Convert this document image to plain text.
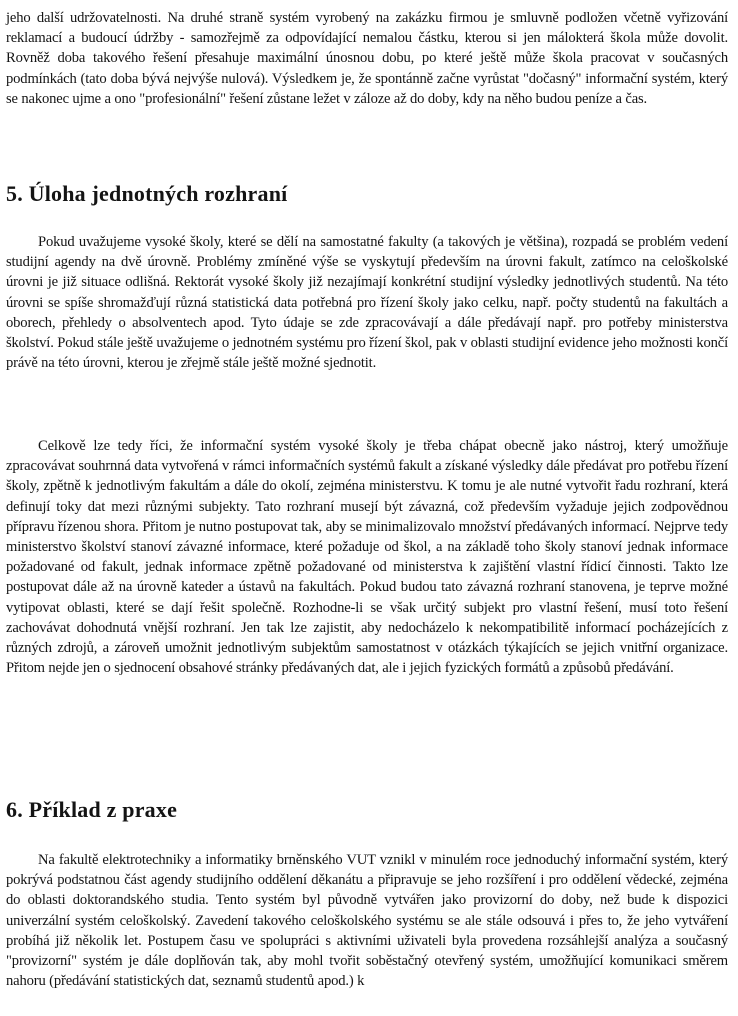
jeho další udržovatelnosti. Na druhé straně systém vyrobený na zakázku firmou je smluvně podložen včetně vyřizování reklamací a budoucí údržby - samozřejmě za odpovídající nemalou částku, kterou si jen málokterá škola může dovolit. Rovněž doba takového řešení přesahuje maximální únosnou dobu, po které ještě může škola pracovat v současných podmínkách (tato doba bývá nejvýše nulová). Výsledkem je, že spontánně začne vyrůstat "dočasný" informační systém, který se nakonec ujme a ono "profesionální" řešení zůstane ležet v záloze až do doby, kdy na něho budou peníze a čas.

5. Úloha jednotných rozhraní

Pokud uvažujeme vysoké školy, které se dělí na samostatné fakulty (a takových je většina), rozpadá se problém vedení studijní agendy na dvě úrovně. Problémy zmíněné výše se vyskytují především na úrovni fakult, zatímco na celoškolské úrovni je již situace odlišná. Rektorát vysoké školy již nezajímají konkrétní studijní výsledky jednotlivých studentů. Na této úrovni se spíše shromažďují různá statistická data potřebná pro řízení školy jako celku, např. počty studentů na fakultách a oborech, přehledy o absolventech apod. Tyto údaje se zde zpracovávají a dále předávají např. pro potřeby ministerstva školství. Pokud stále ještě uvažujeme o jednotném systému pro řízení škol, pak v oblasti studijní evidence jeho možnosti končí právě na této úrovni, kterou je zřejmě stále ještě možné sjednotit.

Celkově lze tedy říci, že informační systém vysoké školy je třeba chápat obecně jako nástroj, který umožňuje zpracovávat souhrnná data vytvořená v rámci informačních systémů fakult a získané výsledky dále předávat pro potřebu řízení školy, zpětně k jednotlivým fakultám a dále do okolí, zejména ministerstvu. K tomu je ale nutné vytvořit řadu rozhraní, která definují toky dat mezi různými subjekty. Tato rozhraní musejí být závazná, což především vyžaduje jejich zodpovědnou přípravu řízenou shora. Přitom je nutno postupovat tak, aby se minimalizovalo množství předávaných informací. Nejprve tedy ministerstvo školství stanoví závazné informace, které požaduje od škol, a na základě toho školy stanoví jednak informace požadované od fakult, jednak informace zpětně požadované od ministerstva k zajištění vlastní řídicí činnosti. Takto lze postupovat dále až na úrovně kateder a ústavů na fakultách. Pokud budou tato závazná rozhraní stanovena, je teprve možné vytipovat oblasti, které se dají řešit společně. Rozhodne-li se však určitý subjekt pro vlastní řešení, musí toto řešení zachovávat dohodnutá vnější rozhraní. Jen tak lze zajistit, aby nedocházelo k nekompatibilitě informací pocházejících z různých zdrojů, a zároveň umožnit jednotlivým subjektům samostatnost v otázkách týkajících se jejich vnitřní organizace. Přitom nejde jen o sjednocení obsahové stránky předávaných dat, ale i jejich fyzických formátů a způsobů předávání.

6. Příklad z praxe

Na fakultě elektrotechniky a informatiky brněnského VUT vznikl v minulém roce jednoduchý informační systém, který pokrývá podstatnou část agendy studijního oddělení děkanátu a připravuje se jeho rozšíření i pro oddělení vědecké, zejména do oblasti doktorandského studia. Tento systém byl původně vytvářen jako provizorní do doby, než bude k dispozici univerzální systém celoškolský. Zavedení takového celoškolského systému se ale stále odsouvá i přes to, že jeho vytváření probíhá již několik let. Postupem času ve spolupráci s aktivními uživateli byla provedena rozsáhlejší analýza a současný "provizorní" systém je dále doplňován tak, aby mohl tvořit soběstačný otevřený systém, umožňující komunikaci směrem nahoru (předávání statistických dat, seznamů studentů apod.) k
